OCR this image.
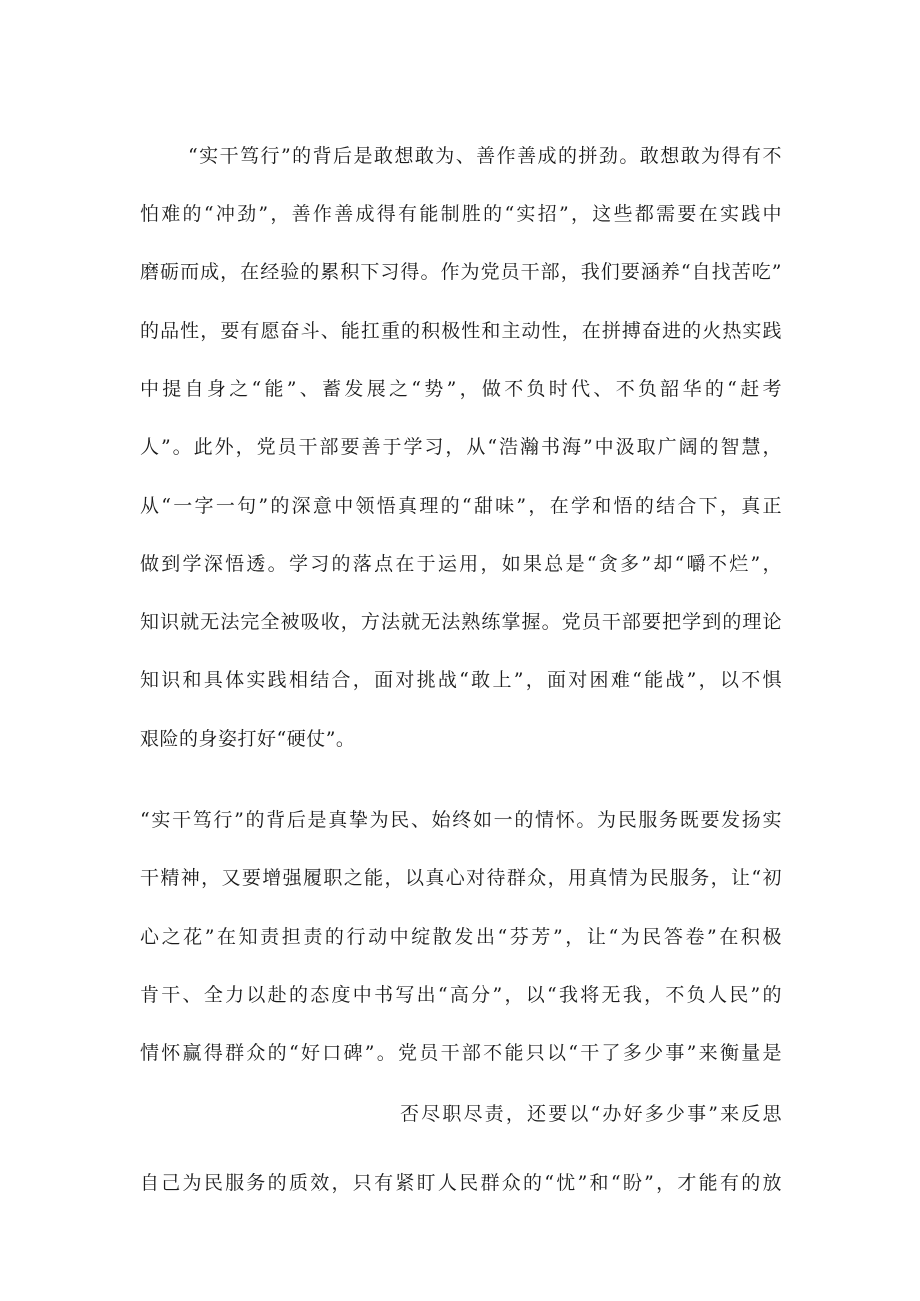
“实干笃行”的背后是敢想敢为、善作善成的拼劲。敢想敢为得有不
怕难的“冲劲”，善作善成得有能制胜的“实招”，这些都需要在实践中
磨砺而成，在经验的累积下习得。作为党员干部，我们要涵养“自找苦吃”
的品性，要有愿奋斗、能扛重的积极性和主动性，在拼搏奋进的火热实践
中提自身之“能”、蓄发展之“势”，做不负时代、不负韶华的“赶考
人”。此外，党员干部要善于学习，从“浩瀚书海”中汲取广阔的智慧，
从“一字一句”的深意中领悟真理的“甜味”，在学和悟的结合下，真正
做到学深悟透。学习的落点在于运用，如果总是“贪多”却“嚼不烂”，
知识就无法完全被吸收，方法就无法熟练掌握。党员干部要把学到的理论
知识和具体实践相结合，面对挑战“敢上”，面对困难“能战”，以不惧
艰险的身姿打好“硬仗”。
“实干笃行”的背后是真挚为民、始终如一的情怀。为民服务既要发扬实
干精神，又要增强履职之能，以真心对待群众，用真情为民服务，让“初
心之花”在知责担责的行动中绽散发出“芬芳”，让“为民答卷”在积极
肯干、全力以赴的态度中书写出“高分”，以“我将无我，不负人民”的
情怀赢得群众的“好口碑”。党员干部不能只以“干了多少事”来衡量是
否尽职尽责，还要以“办好多少事”来反思
自己为民服务的质效，只有紧盯人民群众的“忧”和“盼”，才能有的放
